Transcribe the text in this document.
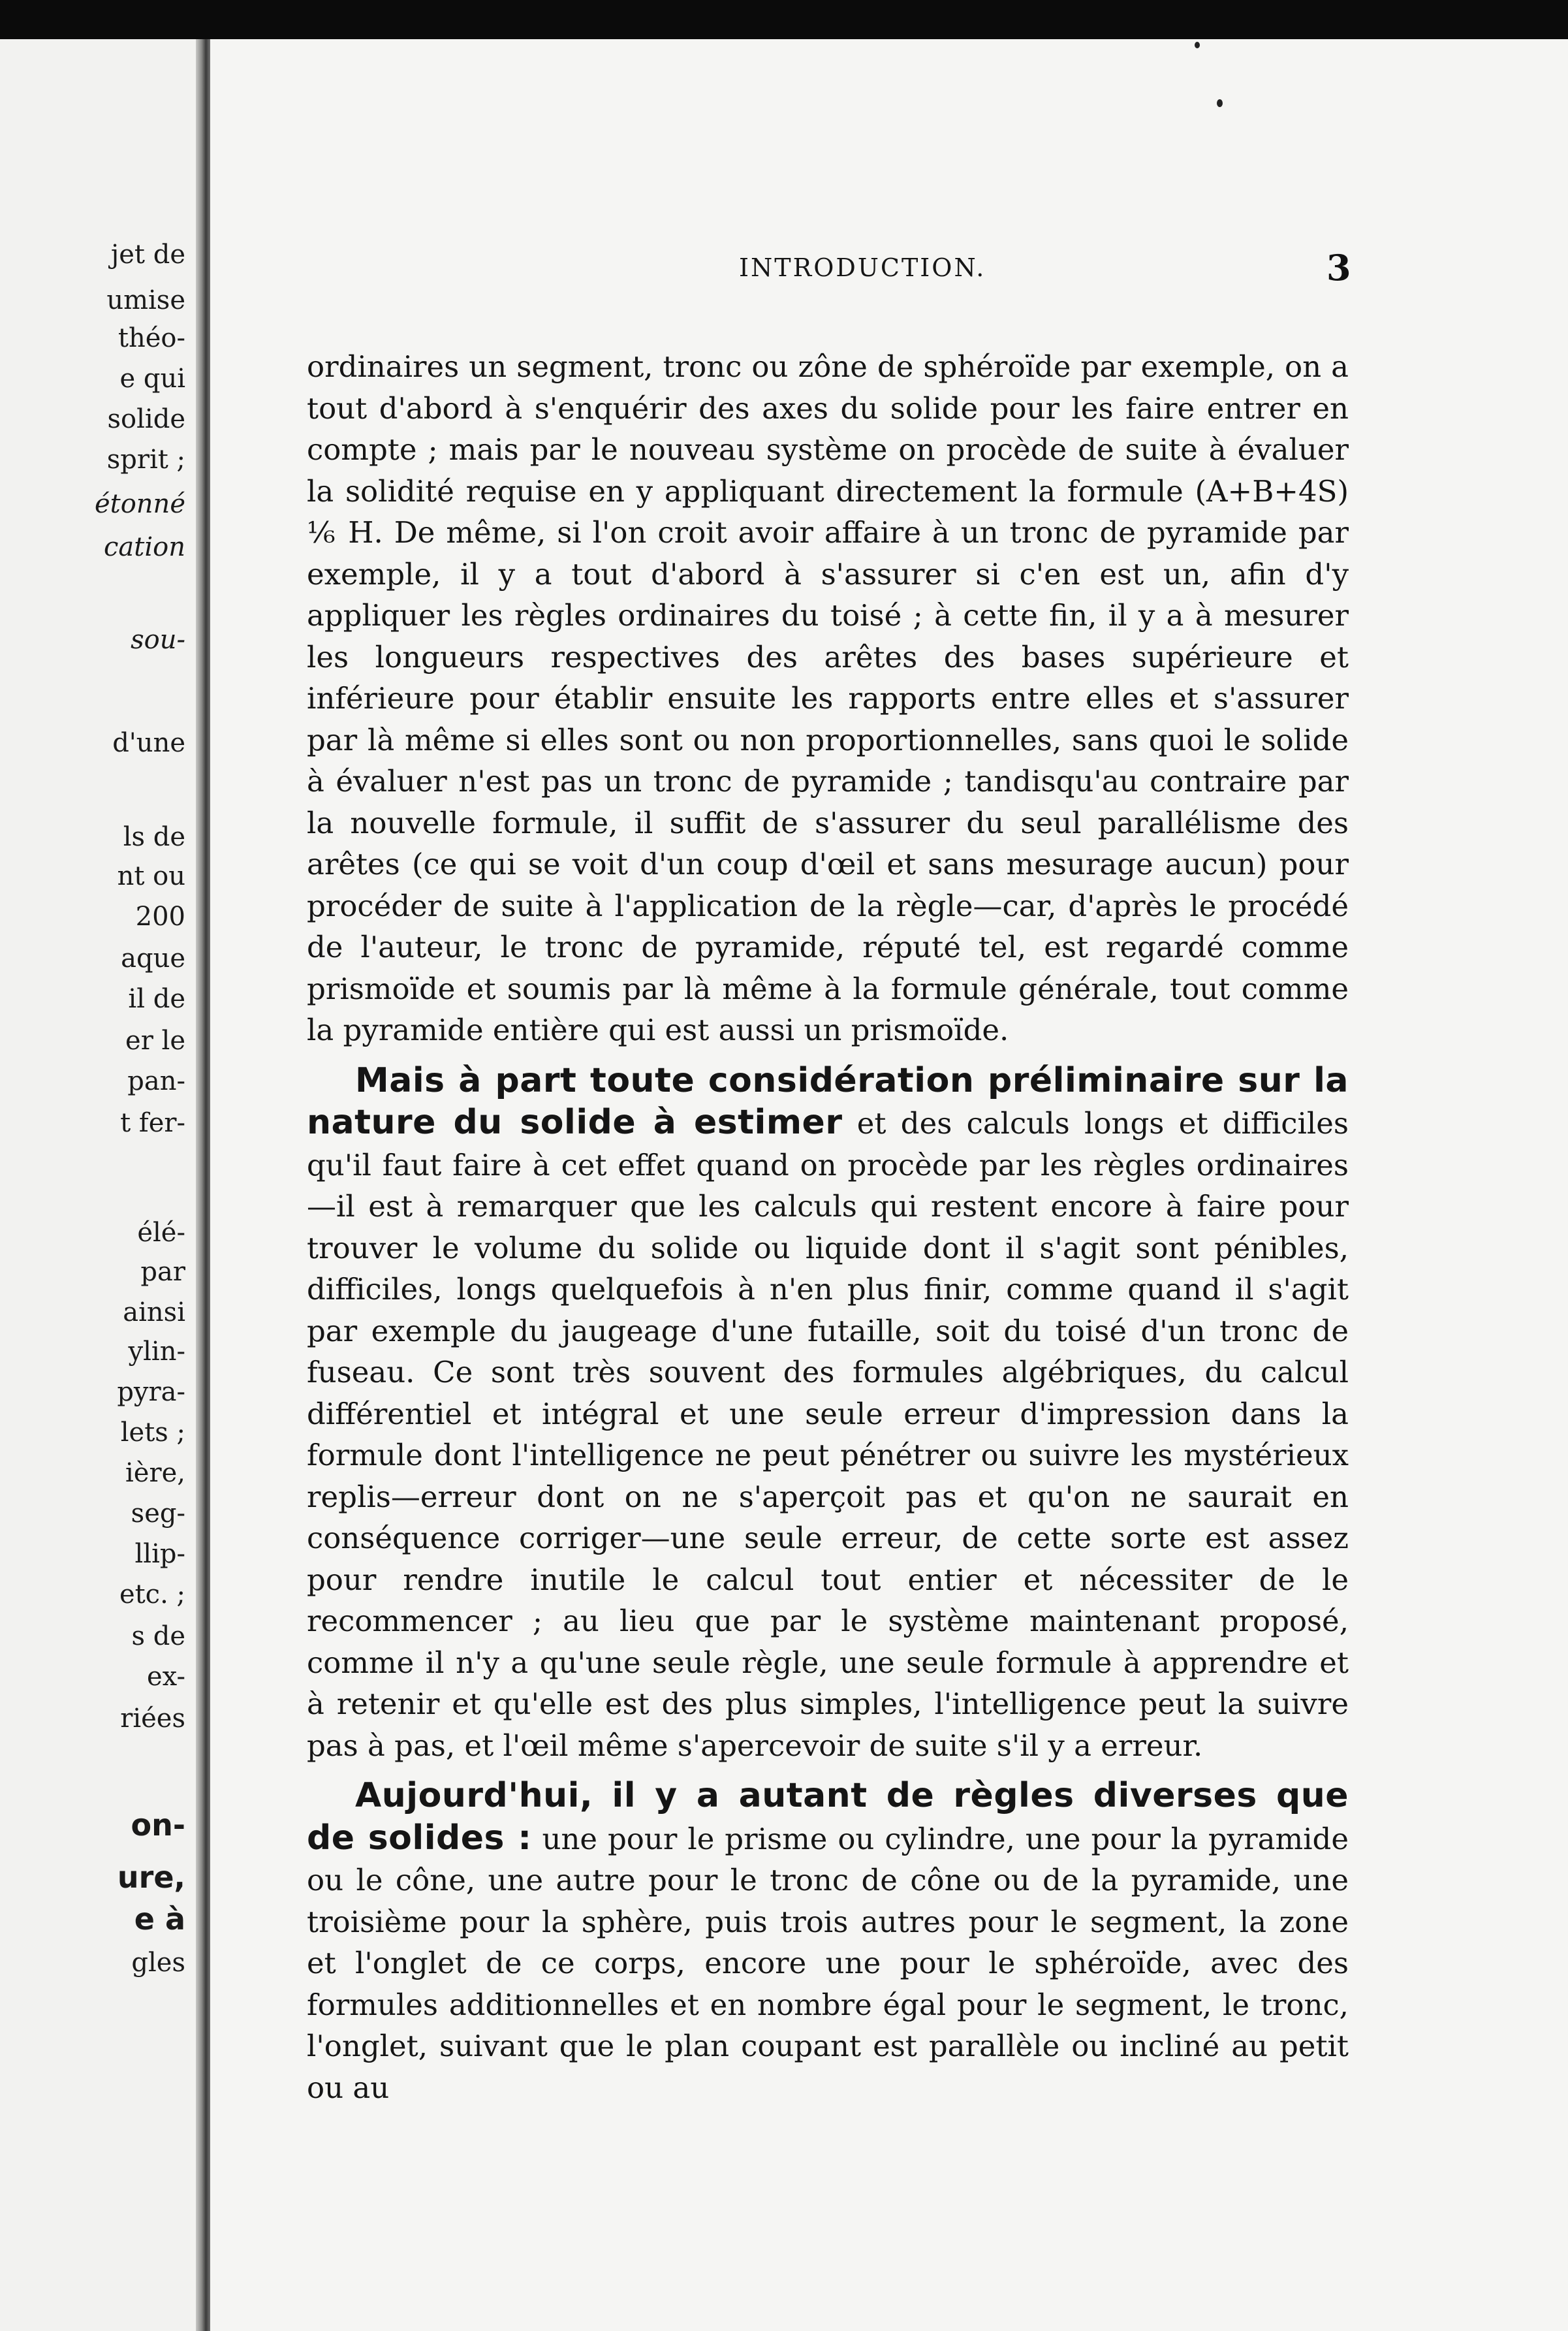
jet de
umise
théo-
e qui
solide
sprit ;
étonné
cation
sou-
d'une
ls de
nt ou
200
aque
il de
er le
pan-
t fer-
élé-
par
ainsi
ylin-
pyra-
lets ;
ière,
seg-
llip-
etc. ;
s de
ex-
riées
on-
ure,
e à
gles
INTRODUCTION.	3

ordinaires un segment, tronc ou zône de sphéroïde par exemple, on a tout d'abord à s'enquérir des axes du solide pour les faire entrer en compte ; mais par le nouveau système on procède de suite à évaluer la solidité requise en y appliquant directement la formule (A+B+4S) ⅙ H. De même, si l'on croit avoir affaire à un tronc de pyramide par exemple, il y a tout d'abord à s'assurer si c'en est un, afin d'y appliquer les règles ordinaires du toisé ; à cette fin, il y a à mesurer les longueurs respectives des arêtes des bases supérieure et inférieure pour établir ensuite les rapports entre elles et s'assurer par là même si elles sont ou non proportionnelles, sans quoi le solide à évaluer n'est pas un tronc de pyramide ; tandisqu'au contraire par la nouvelle formule, il suffit de s'assurer du seul parallélisme des arêtes (ce qui se voit d'un coup d'œil et sans mesurage aucun) pour procéder de suite à l'application de la règle—car, d'après le procédé de l'auteur, le tronc de pyramide, réputé tel, est regardé comme prismoïde et soumis par là même à la formule générale, tout comme la pyramide entière qui est aussi un prismoïde.

Mais à part toute considération préliminaire sur la nature du solide à estimer et des calculs longs et difficiles qu'il faut faire à cet effet quand on procède par les règles ordinaires—il est à remarquer que les calculs qui restent encore à faire pour trouver le volume du solide ou liquide dont il s'agit sont pénibles, difficiles, longs quelquefois à n'en plus finir, comme quand il s'agit par exemple du jaugeage d'une futaille, soit du toisé d'un tronc de fuseau. Ce sont très souvent des formules algébriques, du calcul différentiel et intégral et une seule erreur d'impression dans la formule dont l'intelligence ne peut pénétrer ou suivre les mystérieux replis—erreur dont on ne s'aperçoit pas et qu'on ne saurait en conséquence corriger—une seule erreur, de cette sorte est assez pour rendre inutile le calcul tout entier et nécessiter de le recommencer ; au lieu que par le système maintenant proposé, comme il n'y a qu'une seule règle, une seule formule à apprendre et à retenir et qu'elle est des plus simples, l'intelligence peut la suivre pas à pas, et l'œil même s'apercevoir de suite s'il y a erreur.

Aujourd'hui, il y a autant de règles diverses que de solides : une pour le prisme ou cylindre, une pour la pyramide ou le cône, une autre pour le tronc de cône ou de la pyramide, une troisième pour la sphère, puis trois autres pour le segment, la zone et l'onglet de ce corps, encore une pour le sphéroïde, avec des formules additionnelles et en nombre égal pour le segment, le tronc, l'onglet, suivant que le plan coupant est parallèle ou incliné au petit ou au
